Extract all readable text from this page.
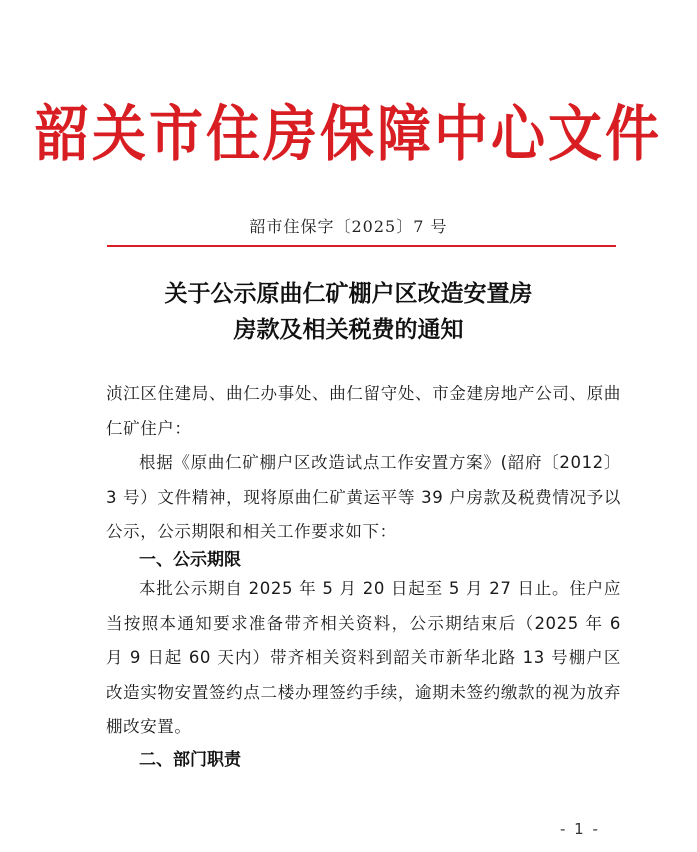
韶关市住房保障中心文件
韶市住保字〔2025〕7 号
关于公示原曲仁矿棚户区改造安置房
房款及相关税费的通知
浈江区住建局、曲仁办事处、曲仁留守处、市金建房地产公司、原曲仁矿住户：
根据《原曲仁矿棚户区改造试点工作安置方案》(韶府〔2012〕3 号）文件精神，现将原曲仁矿黄运平等 39 户房款及税费情况予以公示，公示期限和相关工作要求如下：
一、公示期限
本批公示期自 2025 年 5 月 20 日起至 5 月 27 日止。住户应当按照本通知要求准备带齐相关资料，公示期结束后（2025 年 6 月 9 日起 60 天内）带齐相关资料到韶关市新华北路 13 号棚户区改造实物安置签约点二楼办理签约手续，逾期未签约缴款的视为放弃棚改安置。
二、部门职责
- 1 -
